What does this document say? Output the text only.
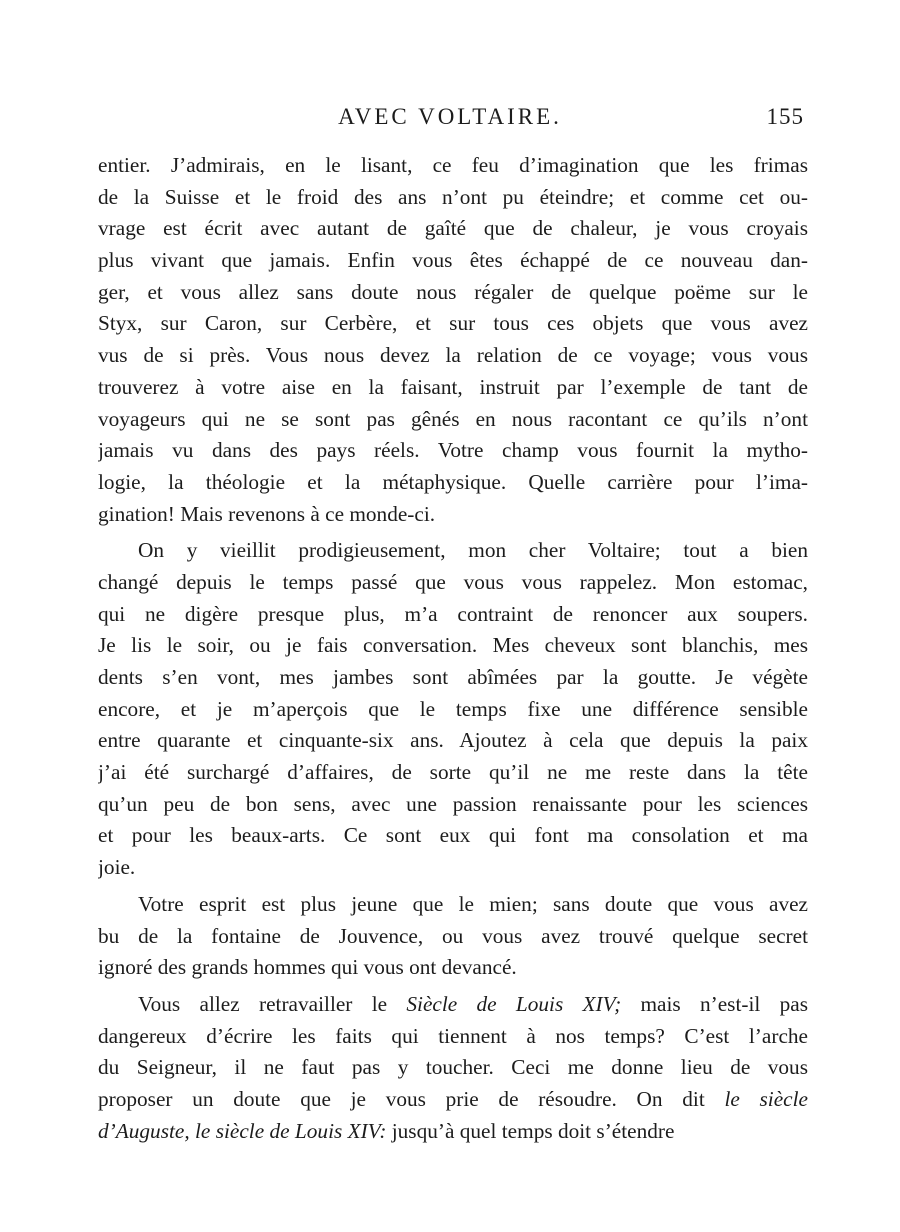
AVEC VOLTAIRE.	155

entier. J’admirais, en le lisant, ce feu d’imagination que les frimas
de la Suisse et le froid des ans n’ont pu éteindre; et comme cet ou-
vrage est écrit avec autant de gaîté que de chaleur, je vous croyais
plus vivant que jamais. Enfin vous êtes échappé de ce nouveau dan-
ger, et vous allez sans doute nous régaler de quelque poëme sur le
Styx, sur Caron, sur Cerbère, et sur tous ces objets que vous avez
vus de si près. Vous nous devez la relation de ce voyage; vous vous
trouverez à votre aise en la faisant, instruit par l’exemple de tant de
voyageurs qui ne se sont pas gênés en nous racontant ce qu’ils n’ont
jamais vu dans des pays réels. Votre champ vous fournit la mytho-
logie, la théologie et la métaphysique. Quelle carrière pour l’ima-
gination! Mais revenons à ce monde-ci.

On y vieillit prodigieusement, mon cher Voltaire; tout a bien
changé depuis le temps passé que vous vous rappelez. Mon estomac,
qui ne digère presque plus, m’a contraint de renoncer aux soupers.
Je lis le soir, ou je fais conversation. Mes cheveux sont blanchis, mes
dents s’en vont, mes jambes sont abîmées par la goutte. Je végète
encore, et je m’aperçois que le temps fixe une différence sensible
entre quarante et cinquante-six ans. Ajoutez à cela que depuis la paix
j’ai été surchargé d’affaires, de sorte qu’il ne me reste dans la tête
qu’un peu de bon sens, avec une passion renaissante pour les sciences
et pour les beaux-arts. Ce sont eux qui font ma consolation et ma
joie.

Votre esprit est plus jeune que le mien; sans doute que vous avez
bu de la fontaine de Jouvence, ou vous avez trouvé quelque secret
ignoré des grands hommes qui vous ont devancé.

Vous allez retravailler le Siècle de Louis XIV; mais n’est-il pas
dangereux d’écrire les faits qui tiennent à nos temps? C’est l’arche
du Seigneur, il ne faut pas y toucher. Ceci me donne lieu de vous
proposer un doute que je vous prie de résoudre. On dit le siècle
d’Auguste, le siècle de Louis XIV: jusqu’à quel temps doit s’étendre
